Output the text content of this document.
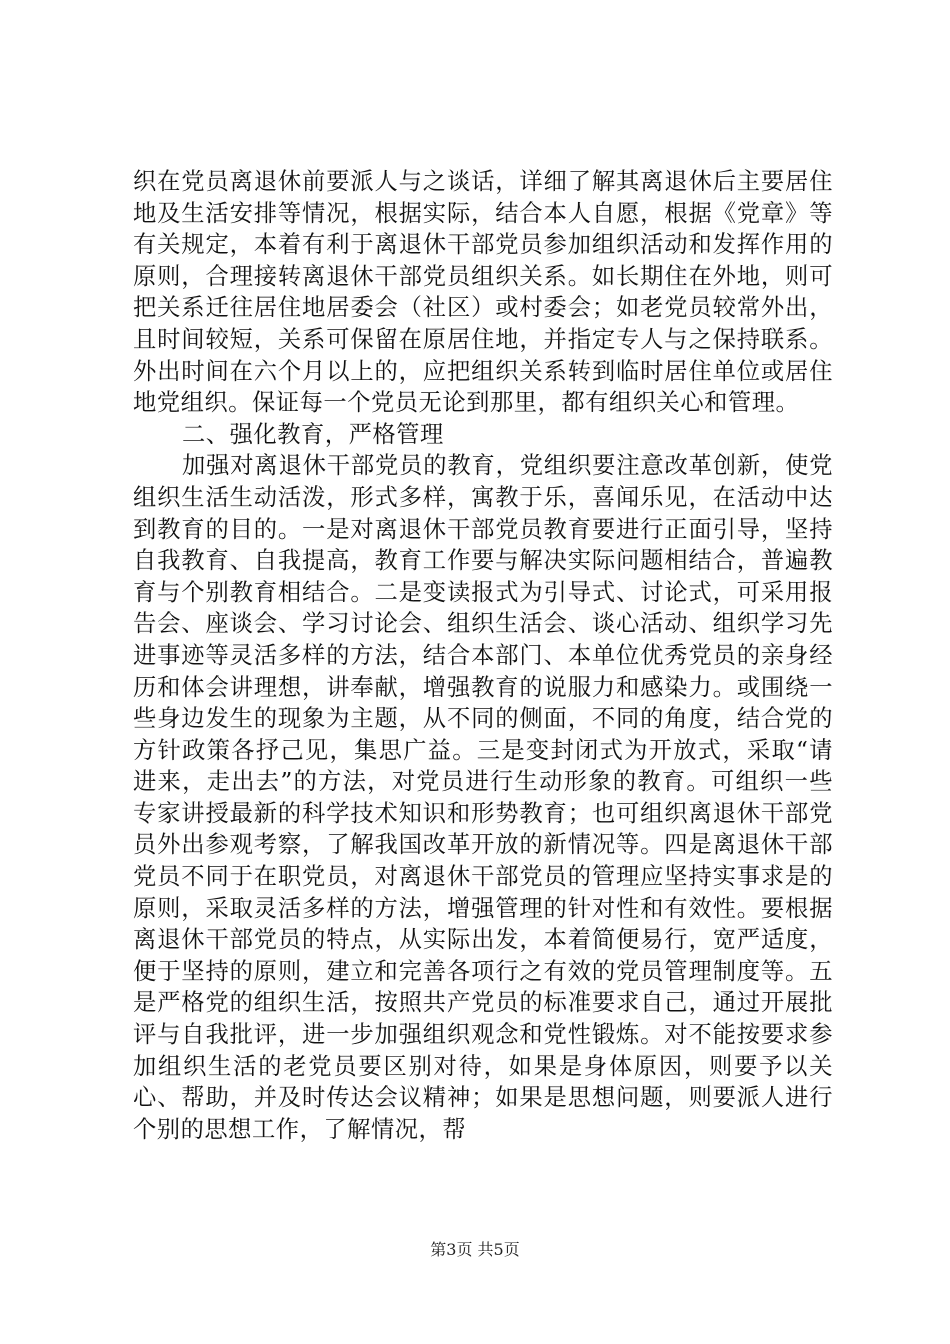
织在党员离退休前要派人与之谈话，详细了解其离退休后主要居住地及生活安排等情况，根据实际，结合本人自愿，根据《党章》等有关规定，本着有利于离退休干部党员参加组织活动和发挥作用的原则，合理接转离退休干部党员组织关系。如长期住在外地，则可把关系迁往居住地居委会（社区）或村委会；如老党员较常外出，且时间较短，关系可保留在原居住地，并指定专人与之保持联系。外出时间在六个月以上的，应把组织关系转到临时居住单位或居住地党组织。保证每一个党员无论到那里，都有组织关心和管理。

二、强化教育，严格管理

加强对离退休干部党员的教育，党组织要注意改革创新，使党组织生活生动活泼，形式多样，寓教于乐，喜闻乐见，在活动中达到教育的目的。一是对离退休干部党员教育要进行正面引导，坚持自我教育、自我提高，教育工作要与解决实际问题相结合，普遍教育与个别教育相结合。二是变读报式为引导式、讨论式，可采用报告会、座谈会、学习讨论会、组织生活会、谈心活动、组织学习先进事迹等灵活多样的方法，结合本部门、本单位优秀党员的亲身经历和体会讲理想，讲奉献，增强教育的说服力和感染力。或围绕一些身边发生的现象为主题，从不同的侧面，不同的角度，结合党的方针政策各抒己见，集思广益。三是变封闭式为开放式，采取“请进来，走出去”的方法，对党员进行生动形象的教育。可组织一些专家讲授最新的科学技术知识和形势教育；也可组织离退休干部党员外出参观考察，了解我国改革开放的新情况等。四是离退休干部党员不同于在职党员，对离退休干部党员的管理应坚持实事求是的原则，采取灵活多样的方法，增强管理的针对性和有效性。要根据离退休干部党员的特点，从实际出发，本着简便易行，宽严适度，便于坚持的原则，建立和完善各项行之有效的党员管理制度等。五是严格党的组织生活，按照共产党员的标准要求自己，通过开展批评与自我批评，进一步加强组织观念和党性锻炼。对不能按要求参加组织生活的老党员要区别对待，如果是身体原因，则要予以关心、帮助，并及时传达会议精神；如果是思想问题，则要派人进行个别的思想工作，了解情况，帮

第3页 共5页
